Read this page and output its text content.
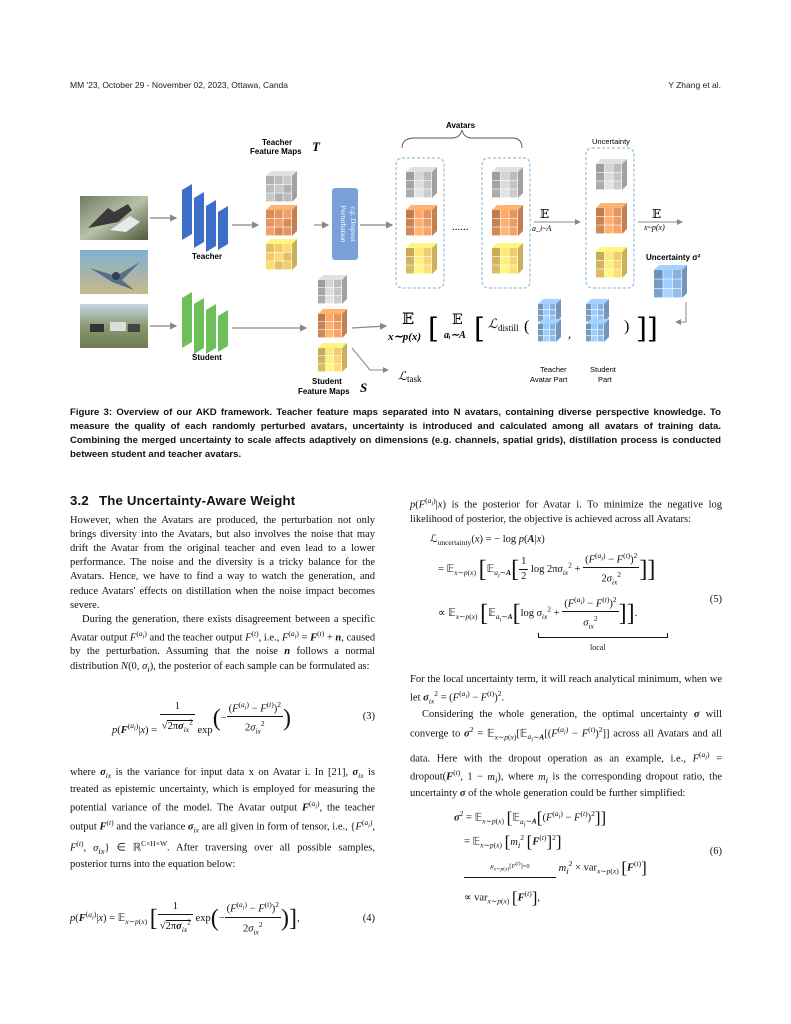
MM '23, October 29 - November 02, 2023, Ottawa, Canda	Y Zhang et al.
Teacher
Student
Teacher
Feature Maps T
Perturbation e.g. Dropout
Avatars
......
𝔼
a_i~A
Uncertainty
𝔼
x~p(x)
Uncertainty σ²
Student
Feature Maps S
𝔼
x∼p(x) [ 𝔼
aᵢ∼A [ ℒ distill (	,	) ]]
ℒ task
Teacher
Avatar Part
Student
Part
Figure 3: Overview of our AKD framework. Teacher feature maps separated into N avatars, containing diverse perspective knowledge. To measure the quality of each randomly perturbed avatars, uncertainty is introduced and calculated among all avatars of training data. Combining the merged uncertainty to scale affects adaptively on dimensions (e.g. channels, spatial grids), distillation process is conducted between student and teacher avatars.
3.2 The Uncertainty-Aware Weight

However, when the Avatars are produced, the perturbation not only brings diversity into the Avatars, but also involves the noise that may drift the Avatar from the original teacher and even lead to a lower performance. The noise and the diversity is a tricky balance for the Avatars. Hence, we have to find a way to watch the generation, and reduce Avatars' effects on distillation when the noise impact becomes severe.

During the generation, there exists disagreement between a specific Avatar output $F^{(a_i)}$ and the teacher output $F^{(t)}$, i.e., $F^{(a_i)} = F^{(t)} + n$, caused by the perturbation. Assuming that the noise n follows a normal distribution N(0, $\sigma_i$), the posterior of each sample can be formulated as:

$p(F^{(a_i)}|x) = \frac{1}{√2\pi\sigma_{ix}^2} \exp(- \frac{(F^{(a_i)} - F^{(t)})^2}{2\sigma_{ix}^2}$ )	(3)

where $\sigma_{ix}$ is the variance for input data x on Avatar i. In [21], $\sigma_{ix}$ is treated as epistemic uncertainty, which is employed for measuring the potential variance of the model. The Avatar output $F^{(a_i)}$, the teacher output $F^{(t)}$ and the variance $\sigma_{ix}$ are all given in form of tensor, i.e., {$F^{(a_i)}$, $F^{(t)}$, $\sigma_{ix}$} ∈ ℝ$^{C\times H\times W}$. After traversing over all possible samples, posterior turns into the equation below:

$p(F^{(a_i)}|x)$ = 𝔼$_{x\sim p(x)}$ [ $\frac{1}{√2\pi\sigma_{ix}^2} \exp(- \frac{(F^{(a_i)} - F^{(t)})^2}{2\sigma_{ix}^2}$ )],	(4)

$p(F^{(a_i)}|x)$ is the posterior for Avatar i. To minimize the negative log likelihood of posterior, the objective is achieved across all Avatars:

ℒ$_{uncertainty}$(x) = − log p(A|x)
= 𝔼$_{x\sim p(x)}$ [𝔼$_{a_i\sim A}$[ $\frac{1}{2}$ $\log 2\pi\sigma_{ix}^2 + \frac{(F^{(a_i)} - F^{(t)})^2}{2\sigma_{ix}^2}$ ]]
∝ 𝔼$_{x\sim p(x)}$ [𝔼$_{a_i\sim A}$[log $\sigma_{ix}^2 + \frac{(F^{(a_i)} - F^{(t)})^2}{\sigma_{ix}^2}$ ]].
local
(5)

For the local uncertainty term, it will reach analytical minimum, when we let $\sigma_{ix}^2 = (F^{(a_i)} - F^{(t)})^2$.

Considering the whole generation, the optimal uncertainty σ will converge to $\sigma^2$ = $𝔼_{x\sim p(x)}[𝔼_{a_i\sim A}[(F^{(a_i)} - F^{(t)})^2]]$ across all Avatars and all data. Here with the dropout operation as an example, i.e., $F^{(a_i)}$ = $dropout(F^{(t)}$, $1 - m_i$), where $m_i$ is the corresponding dropout ratio, the uncertainty σ of the whole generation could be further simplified:

$\sigma^2$ = 𝔼$_{x\sim p(x)}$ $[𝔼_{a_i\sim A}[(F^{(a_i)} - F^{(t)})^2]]$
= 𝔼$_{x\sim p(x)}$ [$m_i^2$ $[F^{(t)}]^2$]
$\mu_{x\sim p(x)}[F^{(t)}]=0$	$m_i^2 \times var_{x\sim p(x)}$ $[F^{(t)}]$
∝ var$_{x\sim p(x)}$ $[F^{(t)}]$,
(6)
